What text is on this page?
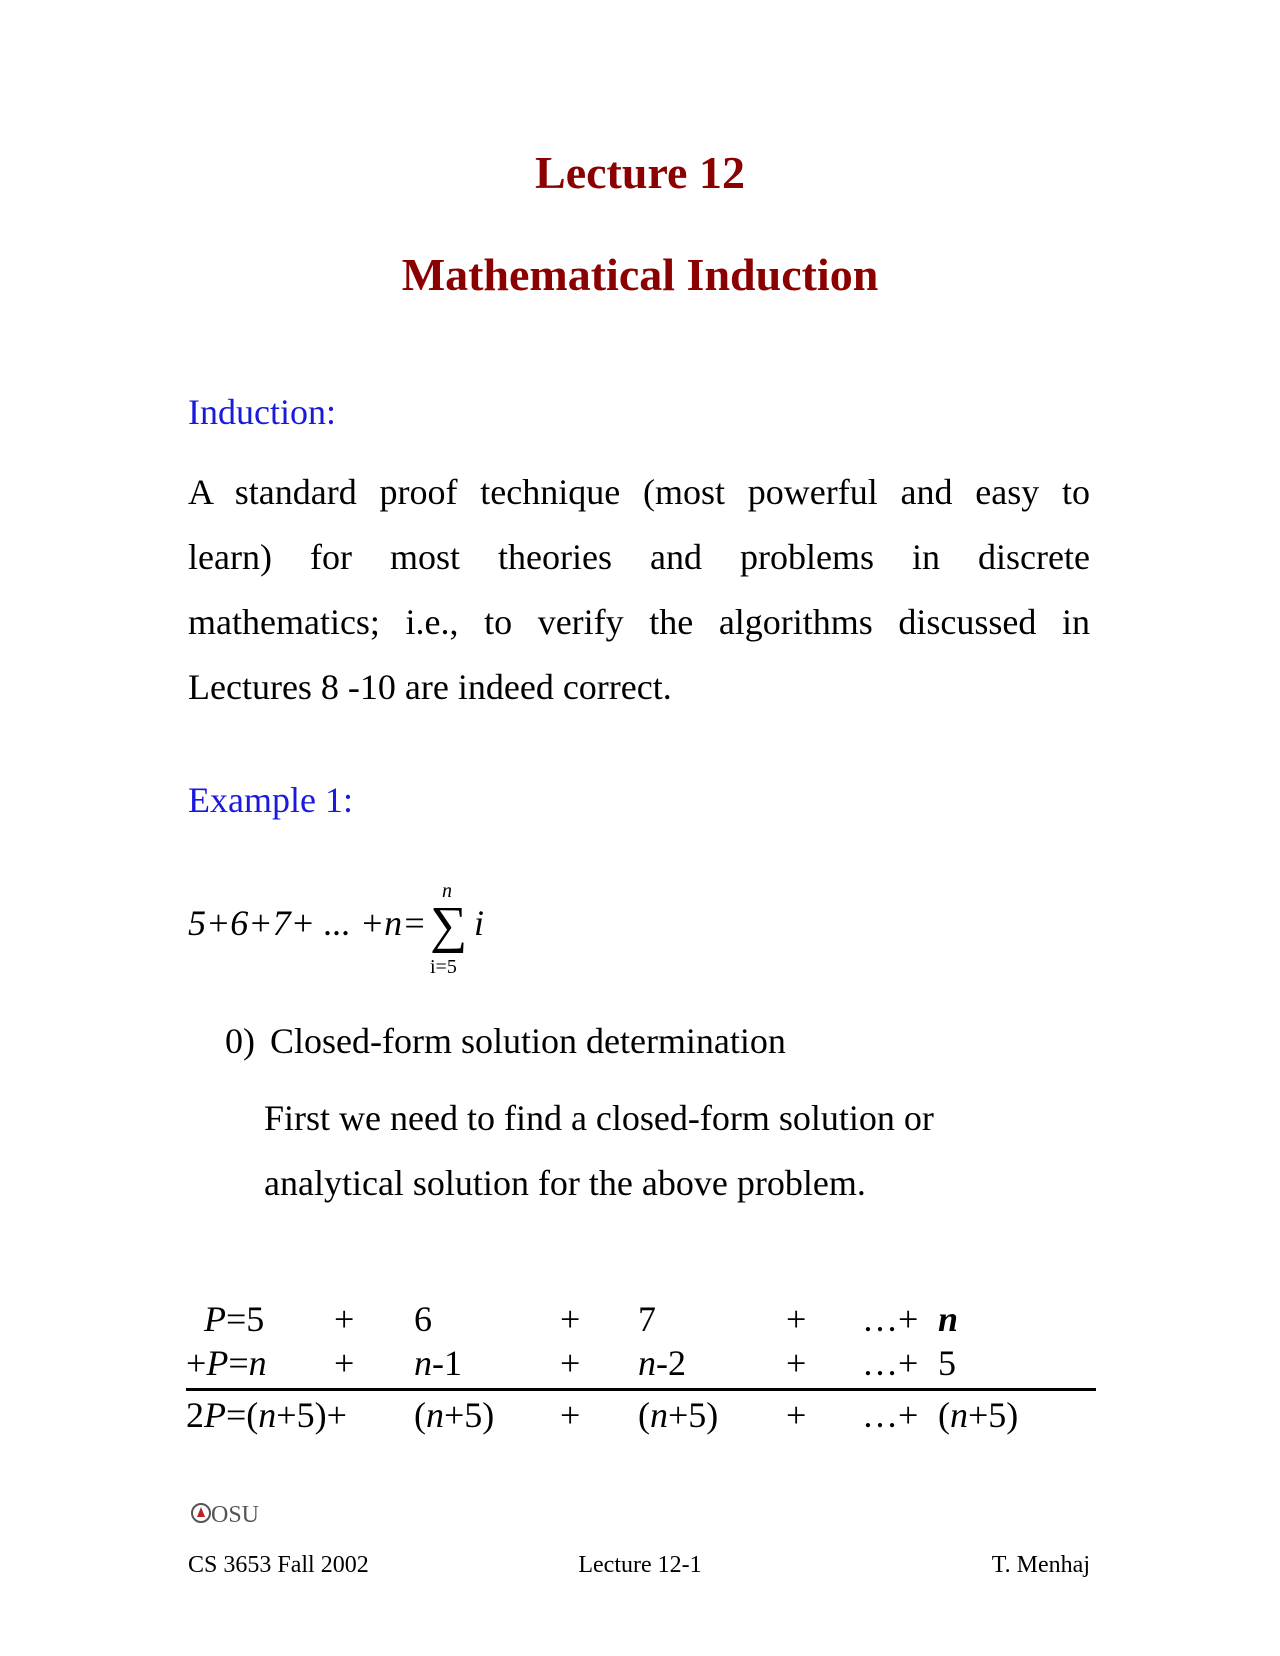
Lecture 12
Mathematical Induction
Induction:
A standard proof technique (most powerful and easy to
learn) for most theories and problems in discrete
mathematics; i.e., to verify the algorithms discussed in
Lectures 8 -10 are indeed correct.
Example 1:
5+6+7+ ... +n=
n
∑ i
i=5
0) Closed-form solution determination
First we need to find a closed-form solution or
analytical solution for the above problem.
P=5 + 6	+ 7	+ …+ n
+P=n + n-1	+ n-2	+ …+ 5
2P=(n+5)+ (n+5) + (n+5) + …+ (n+5)
OSU
CS 3653 Fall 2002	Lecture 12-1	T. Menhaj
